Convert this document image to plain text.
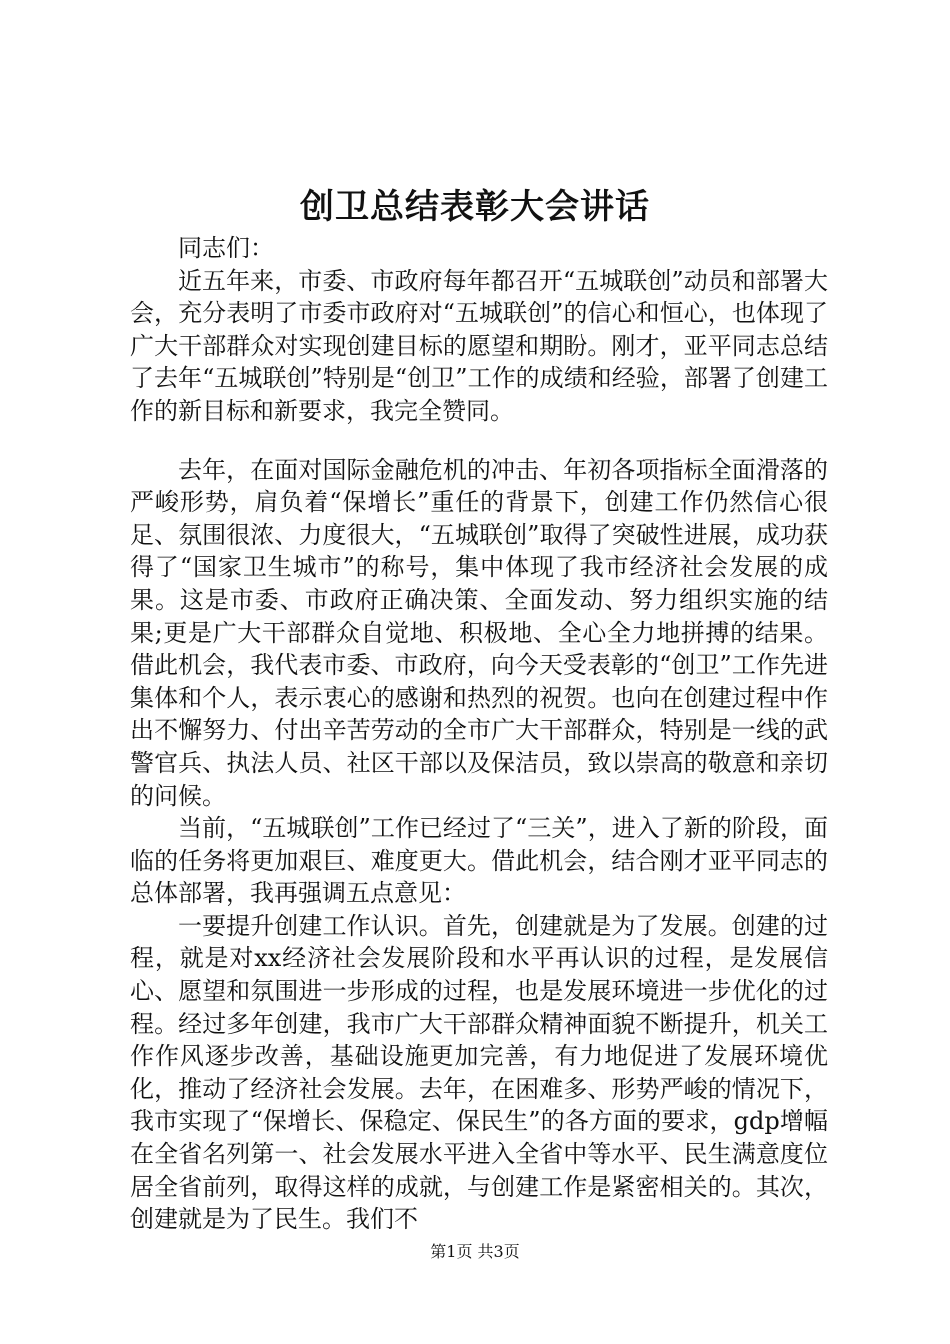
创卫总结表彰大会讲话

同志们：

近五年来，市委、市政府每年都召开“五城联创”动员和部署大会，充分表明了市委市政府对“五城联创”的信心和恒心，也体现了广大干部群众对实现创建目标的愿望和期盼。刚才，亚平同志总结了去年“五城联创”特别是“创卫”工作的成绩和经验，部署了创建工作的新目标和新要求，我完全赞同。

去年，在面对国际金融危机的冲击、年初各项指标全面滑落的严峻形势，肩负着“保增长”重任的背景下，创建工作仍然信心很足、氛围很浓、力度很大，“五城联创”取得了突破性进展，成功获得了“国家卫生城市”的称号，集中体现了我市经济社会发展的成果。这是市委、市政府正确决策、全面发动、努力组织实施的结果;更是广大干部群众自觉地、积极地、全心全力地拼搏的结果。借此机会，我代表市委、市政府，向今天受表彰的“创卫”工作先进集体和个人，表示衷心的感谢和热烈的祝贺。也向在创建过程中作出不懈努力、付出辛苦劳动的全市广大干部群众，特别是一线的武警官兵、执法人员、社区干部以及保洁员，致以崇高的敬意和亲切的问候。

当前，“五城联创”工作已经过了“三关”，进入了新的阶段，面临的任务将更加艰巨、难度更大。借此机会，结合刚才亚平同志的总体部署，我再强调五点意见：

一要提升创建工作认识。首先，创建就是为了发展。创建的过程，就是对xx经济社会发展阶段和水平再认识的过程，是发展信心、愿望和氛围进一步形成的过程，也是发展环境进一步优化的过程。经过多年创建，我市广大干部群众精神面貌不断提升，机关工作作风逐步改善，基础设施更加完善，有力地促进了发展环境优化，推动了经济社会发展。去年，在困难多、形势严峻的情况下，我市实现了“保增长、保稳定、保民生”的各方面的要求，gdp增幅在全省名列第一、社会发展水平进入全省中等水平、民生满意度位居全省前列，取得这样的成就，与创建工作是紧密相关的。其次，创建就是为了民生。我们不

第1页 共3页
